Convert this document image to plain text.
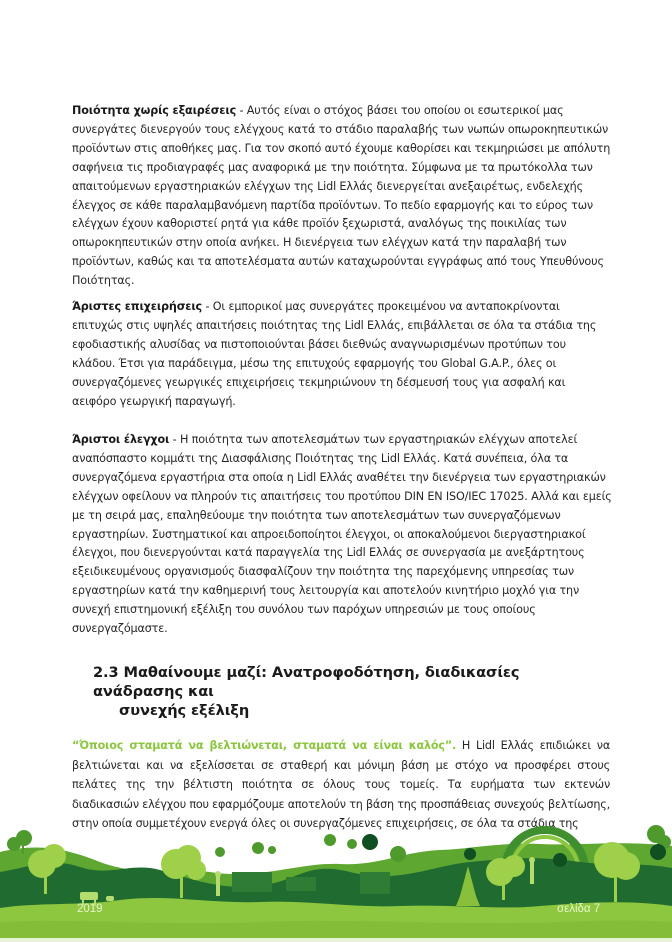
Ποιότητα χωρίς εξαιρέσεις - Αυτός είναι ο στόχος βάσει του οποίου οι εσωτερικοί μας συνεργάτες διενεργούν τους ελέγχους κατά το στάδιο παραλαβής των νωπών οπωροκηπευτικών προϊόντων στις αποθήκες μας. Για τον σκοπό αυτό έχουμε καθορίσει και τεκμηριώσει με απόλυτη σαφήνεια τις προδιαγραφές μας αναφορικά με την ποιότητα. Σύμφωνα με τα πρωτόκολλα των απαιτούμενων εργαστηριακών ελέγχων της Lidl Ελλάς διενεργείται ανεξαιρέτως, ενδελεχής έλεγχος σε κάθε παραλαμβανόμενη παρτίδα προϊόντων. Το πεδίο εφαρμογής και το εύρος των ελέγχων έχουν καθοριστεί ρητά για κάθε προϊόν ξεχωριστά, αναλόγως της ποικιλίας των οπωροκηπευτικών στην οποία ανήκει. Η διενέργεια των ελέγχων κατά την παραλαβή των προϊόντων, καθώς και τα αποτελέσματα αυτών καταχωρούνται εγγράφως από τους Υπευθύνους Ποιότητας.

Άριστες επιχειρήσεις - Οι εμπορικοί μας συνεργάτες προκειμένου να ανταποκρίνονται επιτυχώς στις υψηλές απαιτήσεις ποιότητας της Lidl Ελλάς, επιβάλλεται σε όλα τα στάδια της εφοδιαστικής αλυσίδας να πιστοποιούνται βάσει διεθνώς αναγνωρισμένων προτύπων του κλάδου. Έτσι για παράδειγμα, μέσω της επιτυχούς εφαρμογής του Global G.A.P., όλες οι συνεργαζόμενες γεωργικές επιχειρήσεις τεκμηριώνουν τη δέσμευσή τους για ασφαλή και αειφόρο γεωργική παραγωγή.

Άριστοι έλεγχοι - Η ποιότητα των αποτελεσμάτων των εργαστηριακών ελέγχων αποτελεί αναπόσπαστο κομμάτι της Διασφάλισης Ποιότητας της Lidl Ελλάς. Κατά συνέπεια, όλα τα συνεργαζόμενα εργαστήρια στα οποία η Lidl Ελλάς αναθέτει την διενέργεια των εργαστηριακών ελέγχων οφείλουν να πληρούν τις απαιτήσεις του προτύπου DIN EN ISO/IEC 17025. Αλλά και εμείς με τη σειρά μας, επαληθεύουμε την ποιότητα των αποτελεσμάτων των συνεργαζόμενων εργαστηρίων. Συστηματικοί και απροειδοποίητοι έλεγχοι, οι αποκαλούμενοι διεργαστηριακοί έλεγχοι, που διενεργούνται κατά παραγγελία της Lidl Ελλάς σε συνεργασία με ανεξάρτητους εξειδικευμένους οργανισμούς διασφαλίζουν την ποιότητα της παρεχόμενης υπηρεσίας των εργαστηρίων κατά την καθημερινή τους λειτουργία και αποτελούν κινητήριο μοχλό για την συνεχή επιστημονική εξέλιξη του συνόλου των παρόχων υπηρεσιών με τους οποίους συνεργαζόμαστε.

2.3 Μαθαίνουμε μαζί: Ανατροφοδότηση, διαδικασίες ανάδρασης και
συνεχής εξέλιξη

“Όποιος σταματά να βελτιώνεται, σταματά να είναι καλός”. Η Lidl Ελλάς επιδιώκει να βελτιώνεται και να εξελίσσεται σε σταθερή και μόνιμη βάση με στόχο να προσφέρει στους πελάτες της την βέλτιστη ποιότητα σε όλους τους τομείς. Τα ευρήματα των εκτενών διαδικασιών ελέγχου που εφαρμόζουμε αποτελούν τη βάση της προσπάθειας συνεχούς βελτίωσης, στην οποία συμμετέχουν ενεργά όλες οι συνεργαζόμενες επιχειρήσεις, σε όλα τα στάδια της

2019	σελίδα 7
